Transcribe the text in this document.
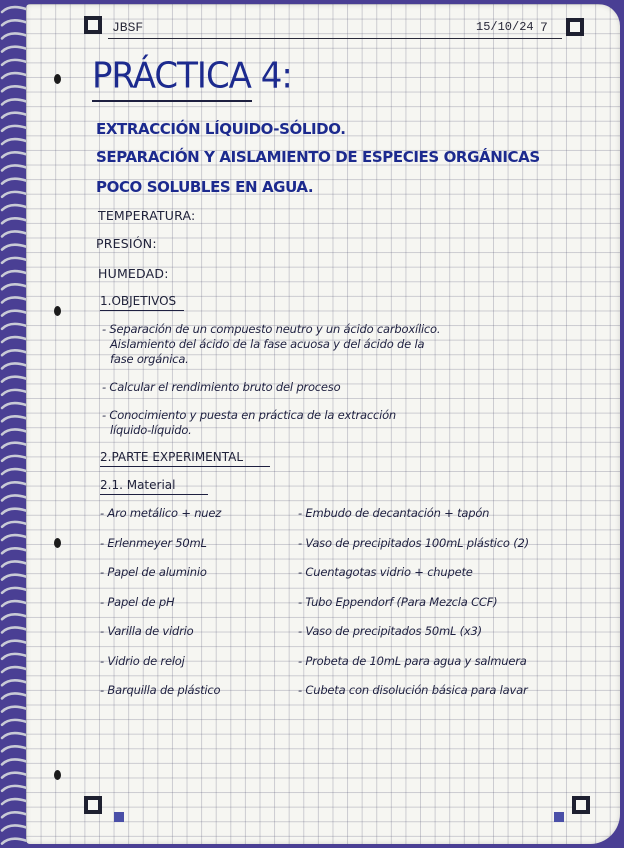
JBSF	15/10/24 7
PRÁCTICA 4:
EXTRACCIÓN LÍQUIDO-SÓLIDO.
SEPARACIÓN Y AISLAMIENTO DE ESPECIES ORGÁNICAS
POCO SOLUBLES EN AGUA.
TEMPERATURA:
PRESIÓN:
HUMEDAD:
1.OBJETIVOS
- Separación de un compuesto neutro y un ácido carboxílico.
Aislamiento del ácido de la fase acuosa y del ácido de la
fase orgánica.
- Calcular el rendimiento bruto del proceso
- Conocimiento y puesta en práctica de la extracción
líquido-líquido.
2.PARTE EXPERIMENTAL
2.1. Material
- Aro metálico + nuez
- Erlenmeyer 50mL
- Papel de aluminio
- Papel de pH
- Varilla de vidrio
- Vidrio de reloj
- Barquilla de plástico
- Embudo de decantación + tapón
- Vaso de precipitados 100mL plástico (2)
- Cuentagotas vidrio + chupete
- Tubo Eppendorf (Para Mezcla CCF)
- Vaso de precipitados 50mL (x3)
- Probeta de 10mL para agua y salmuera
- Cubeta con disolución básica para lavar
